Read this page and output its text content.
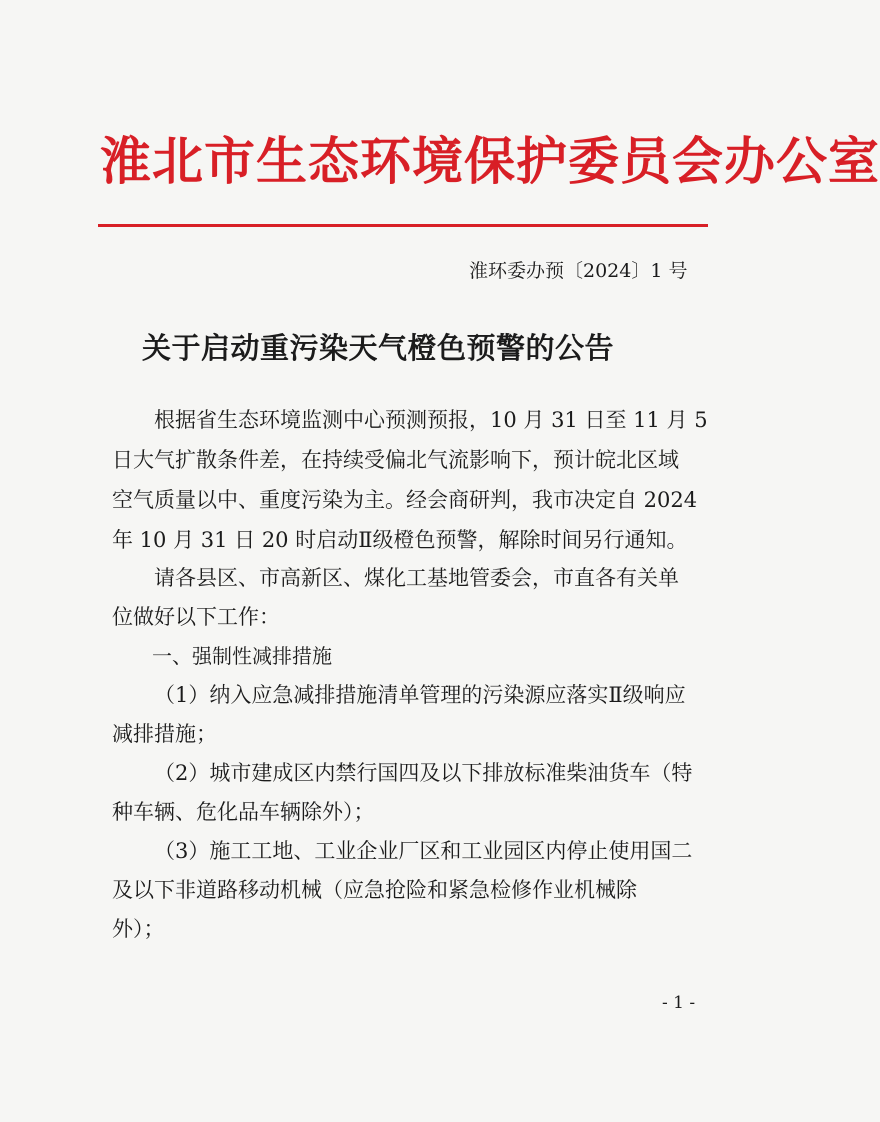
淮北市生态环境保护委员会办公室
淮环委办预〔2024〕1 号
关于启动重污染天气橙色预警的公告
根据省生态环境监测中心预测预报，10 月 31 日至 11 月 5
日大气扩散条件差，在持续受偏北气流影响下，预计皖北区域
空气质量以中、重度污染为主。经会商研判，我市决定自 2024
年 10 月 31 日 20 时启动Ⅱ级橙色预警，解除时间另行通知。
请各县区、市高新区、煤化工基地管委会，市直各有关单
位做好以下工作：
一、强制性减排措施
（1）纳入应急减排措施清单管理的污染源应落实Ⅱ级响应
减排措施；
（2）城市建成区内禁行国四及以下排放标准柴油货车（特
种车辆、危化品车辆除外）；
（3）施工工地、工业企业厂区和工业园区内停止使用国二
及以下非道路移动机械（应急抢险和紧急检修作业机械除
外）；
- 1 -
